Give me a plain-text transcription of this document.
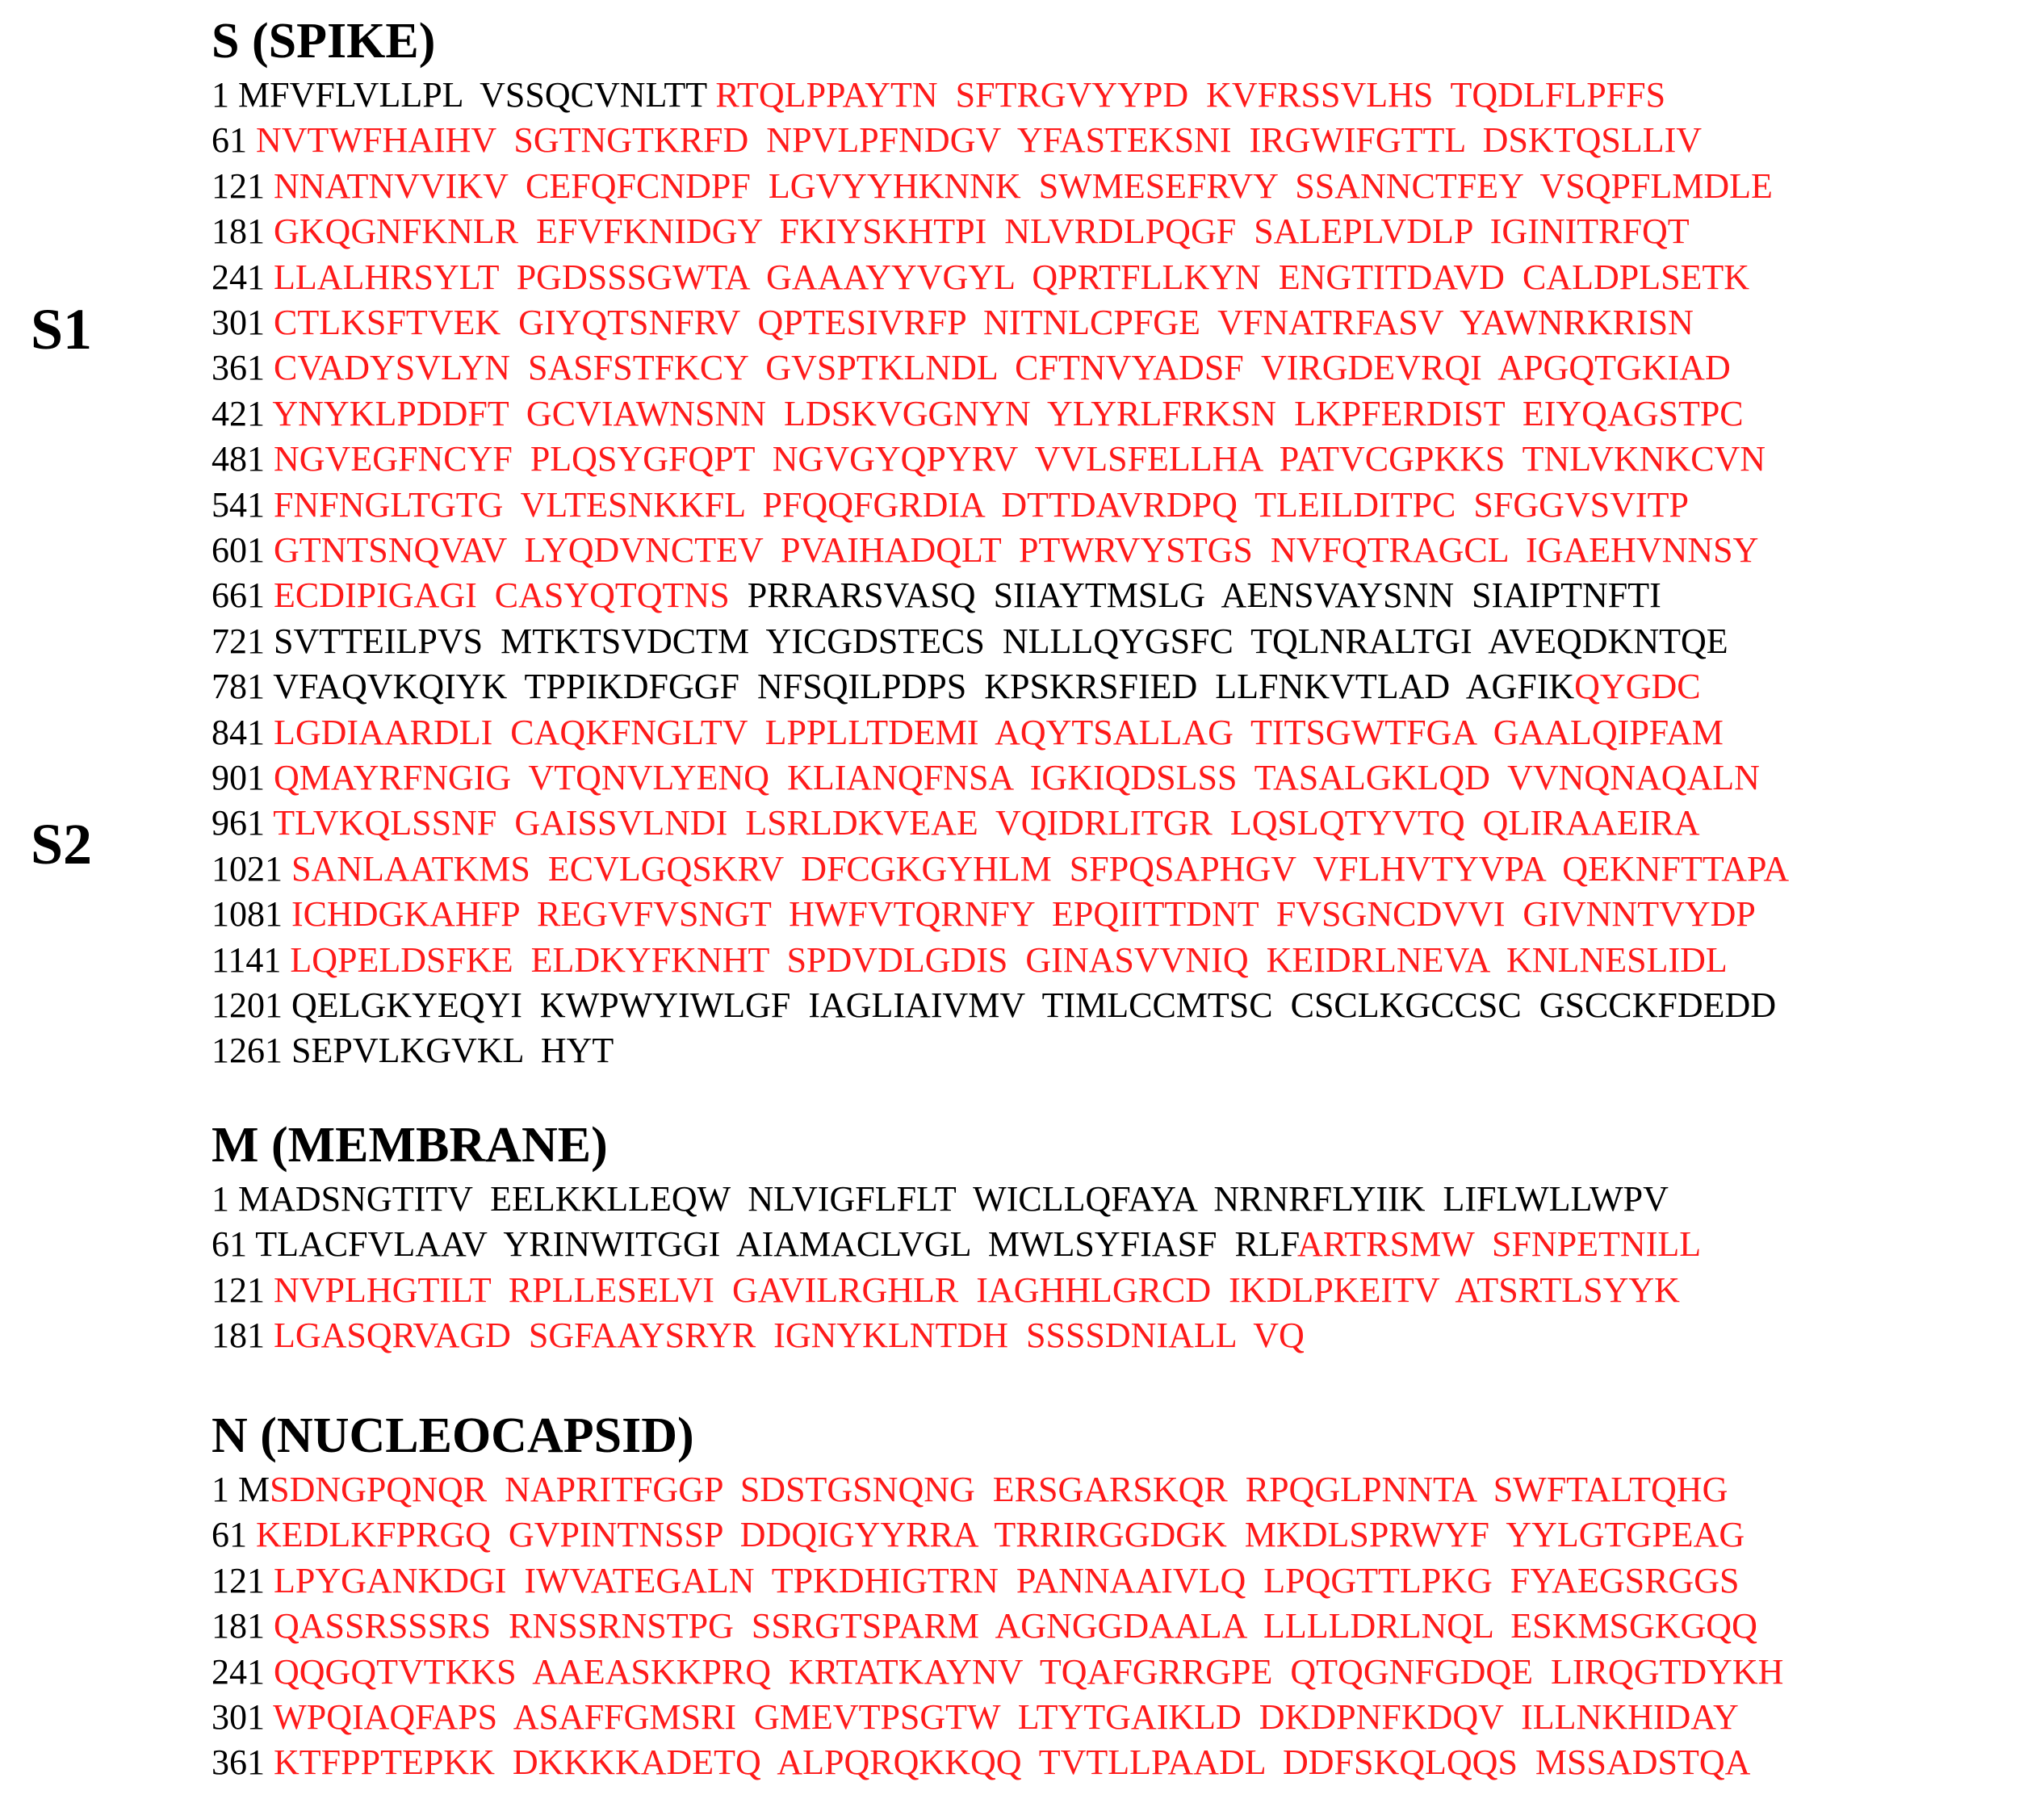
S1
S2
S (SPIKE)
1 MFVFLVLLPL  VSSQCVNLTT RTQLPPAYTN  SFTRGVYYPD  KVFRSSVLHS  TQDLFLPFFS
61 NVTWFHAIHV  SGTNGTKRFD  NPVLPFNDGV  YFASTEKSNI  IRGWIFGTTL  DSKTQSLLIV
121 NNATNVVIKV  CEFQFCNDPF  LGVYYHKNNK  SWMESEFRVY  SSANNCTFEY  VSQPFLMDLE
181 GKQGNFKNLR  EFVFKNIDGY  FKIYSKHTPI  NLVRDLPQGF  SALEPLVDLP  IGINITRFQT
241 LLALHRSYLT  PGDSSSGWTA  GAAAYYVGYL  QPRTFLLKYN  ENGTITDAVD  CALDPLSETK
301 CTLKSFTVEK  GIYQTSNFRV  QPTESIVRFP  NITNLCPFGE  VFNATRFASV  YAWNRKRISN
361 CVADYSVLYN  SASFSTFKCY  GVSPTKLNDL  CFTNVYADSF  VIRGDEVRQI  APGQTGKIAD
421 YNYKLPDDFT  GCVIAWNSNN  LDSKVGGNYN  YLYRLFRKSN  LKPFERDIST  EIYQAGSTPC
481 NGVEGFNCYF  PLQSYGFQPT  NGVGYQPYRV  VVLSFELLHA  PATVCGPKKS  TNLVKNKCVN
541 FNFNGLTGTG  VLTESNKKFL  PFQQFGRDIA  DTTDAVRDPQ  TLEILDITPC  SFGGVSVITP
601 GTNTSNQVAV  LYQDVNCTEV  PVAIHADQLT  PTWRVYSTGS  NVFQTRAGCL  IGAEHVNNSY
661 ECDIPIGAGI  CASYQTQTNS  PRRARSVASQ  SIIAYTMSLG  AENSVAYSNN  SIAIPTNFTI
721 SVTTEILPVS  MTKTSVDCTM  YICGDSTECS  NLLLQYGSFC  TQLNRALTGI  AVEQDKNTQE
781 VFAQVKQIYK  TPPIKDFGGF  NFSQILPDPS  KPSKRSFIED  LLFNKVTLAD  AGFIKQYGDC
841 LGDIAARDLI  CAQKFNGLTV  LPPLLTDEMI  AQYTSALLAG  TITSGWTFGA  GAALQIPFAM
901 QMAYRFNGIG  VTQNVLYENQ  KLIANQFNSA  IGKIQDSLSS  TASALGKLQD  VVNQNAQALN
961 TLVKQLSSNF  GAISSVLNDI  LSRLDKVEAE  VQIDRLITGR  LQSLQTYVTQ  QLIRAAEIRA
1021 SANLAATKMS  ECVLGQSKRV  DFCGKGYHLM  SFPQSAPHGV  VFLHVTYVPA  QEKNFTTAPA
1081 ICHDGKAHFP  REGVFVSNGT  HWFVTQRNFY  EPQIITTDNT  FVSGNCDVVI  GIVNNTVYDP
1141 LQPELDSFKE  ELDKYFKNHT  SPDVDLGDIS  GINASVVNIQ  KEIDRLNEVA  KNLNESLIDL
1201 QELGKYEQYI  KWPWYIWLGF  IAGLIAIVMV  TIMLCCMTSC  CSCLKGCCSC  GSCCKFDEDD
1261 SEPVLKGVKL  HYT
M (MEMBRANE)
1 MADSNGTITV  EELKKLLEQW  NLVIGFLFLT  WICLLQFAYA  NRNRFLYIIK  LIFLWLLWPV
61 TLACFVLAAV  YRINWITGGI  AIAMACLVGL  MWLSYFIASF  RLFARTRSMW  SFNPETNILL
121 NVPLHGTILT  RPLLESELVI  GAVILRGHLR  IAGHHLGRCD  IKDLPKEITV  ATSRTLSYYK
181 LGASQRVAGD  SGFAAYSRYR  IGNYKLNTDH  SSSSDNIALL  VQ
N (NUCLEOCAPSID)
1 MSDNGPQNQR  NAPRITFGGP  SDSTGSNQNG  ERSGARSKQR  RPQGLPNNTA  SWFTALTQHG
61 KEDLKFPRGQ  GVPINTNSSP  DDQIGYYRRA  TRRIRGGDGK  MKDLSPRWYF  YYLGTGPEAG
121 LPYGANKDGI  IWVATEGALN  TPKDHIGTRN  PANNAAIVLQ  LPQGTTLPKG  FYAEGSRGGS
181 QASSRSSSRS  RNSSRNSTPG  SSRGTSPARM  AGNGGDAALA  LLLLDRLNQL  ESKMSGKGQQ
241 QQGQTVTKKS  AAEASKKPRQ  KRTATKAYNV  TQAFGRRGPE  QTQGNFGDQE  LIRQGTDYKH
301 WPQIAQFAPS  ASAFFGMSRI  GMEVTPSGTW  LTYTGAIKLD  DKDPNFKDQV  ILLNKHIDAY
361 KTFPPTEPKK  DKKKKADETQ  ALPQRQKKQQ  TVTLLPAADL  DDFSKQLQQS  MSSADSTQA
